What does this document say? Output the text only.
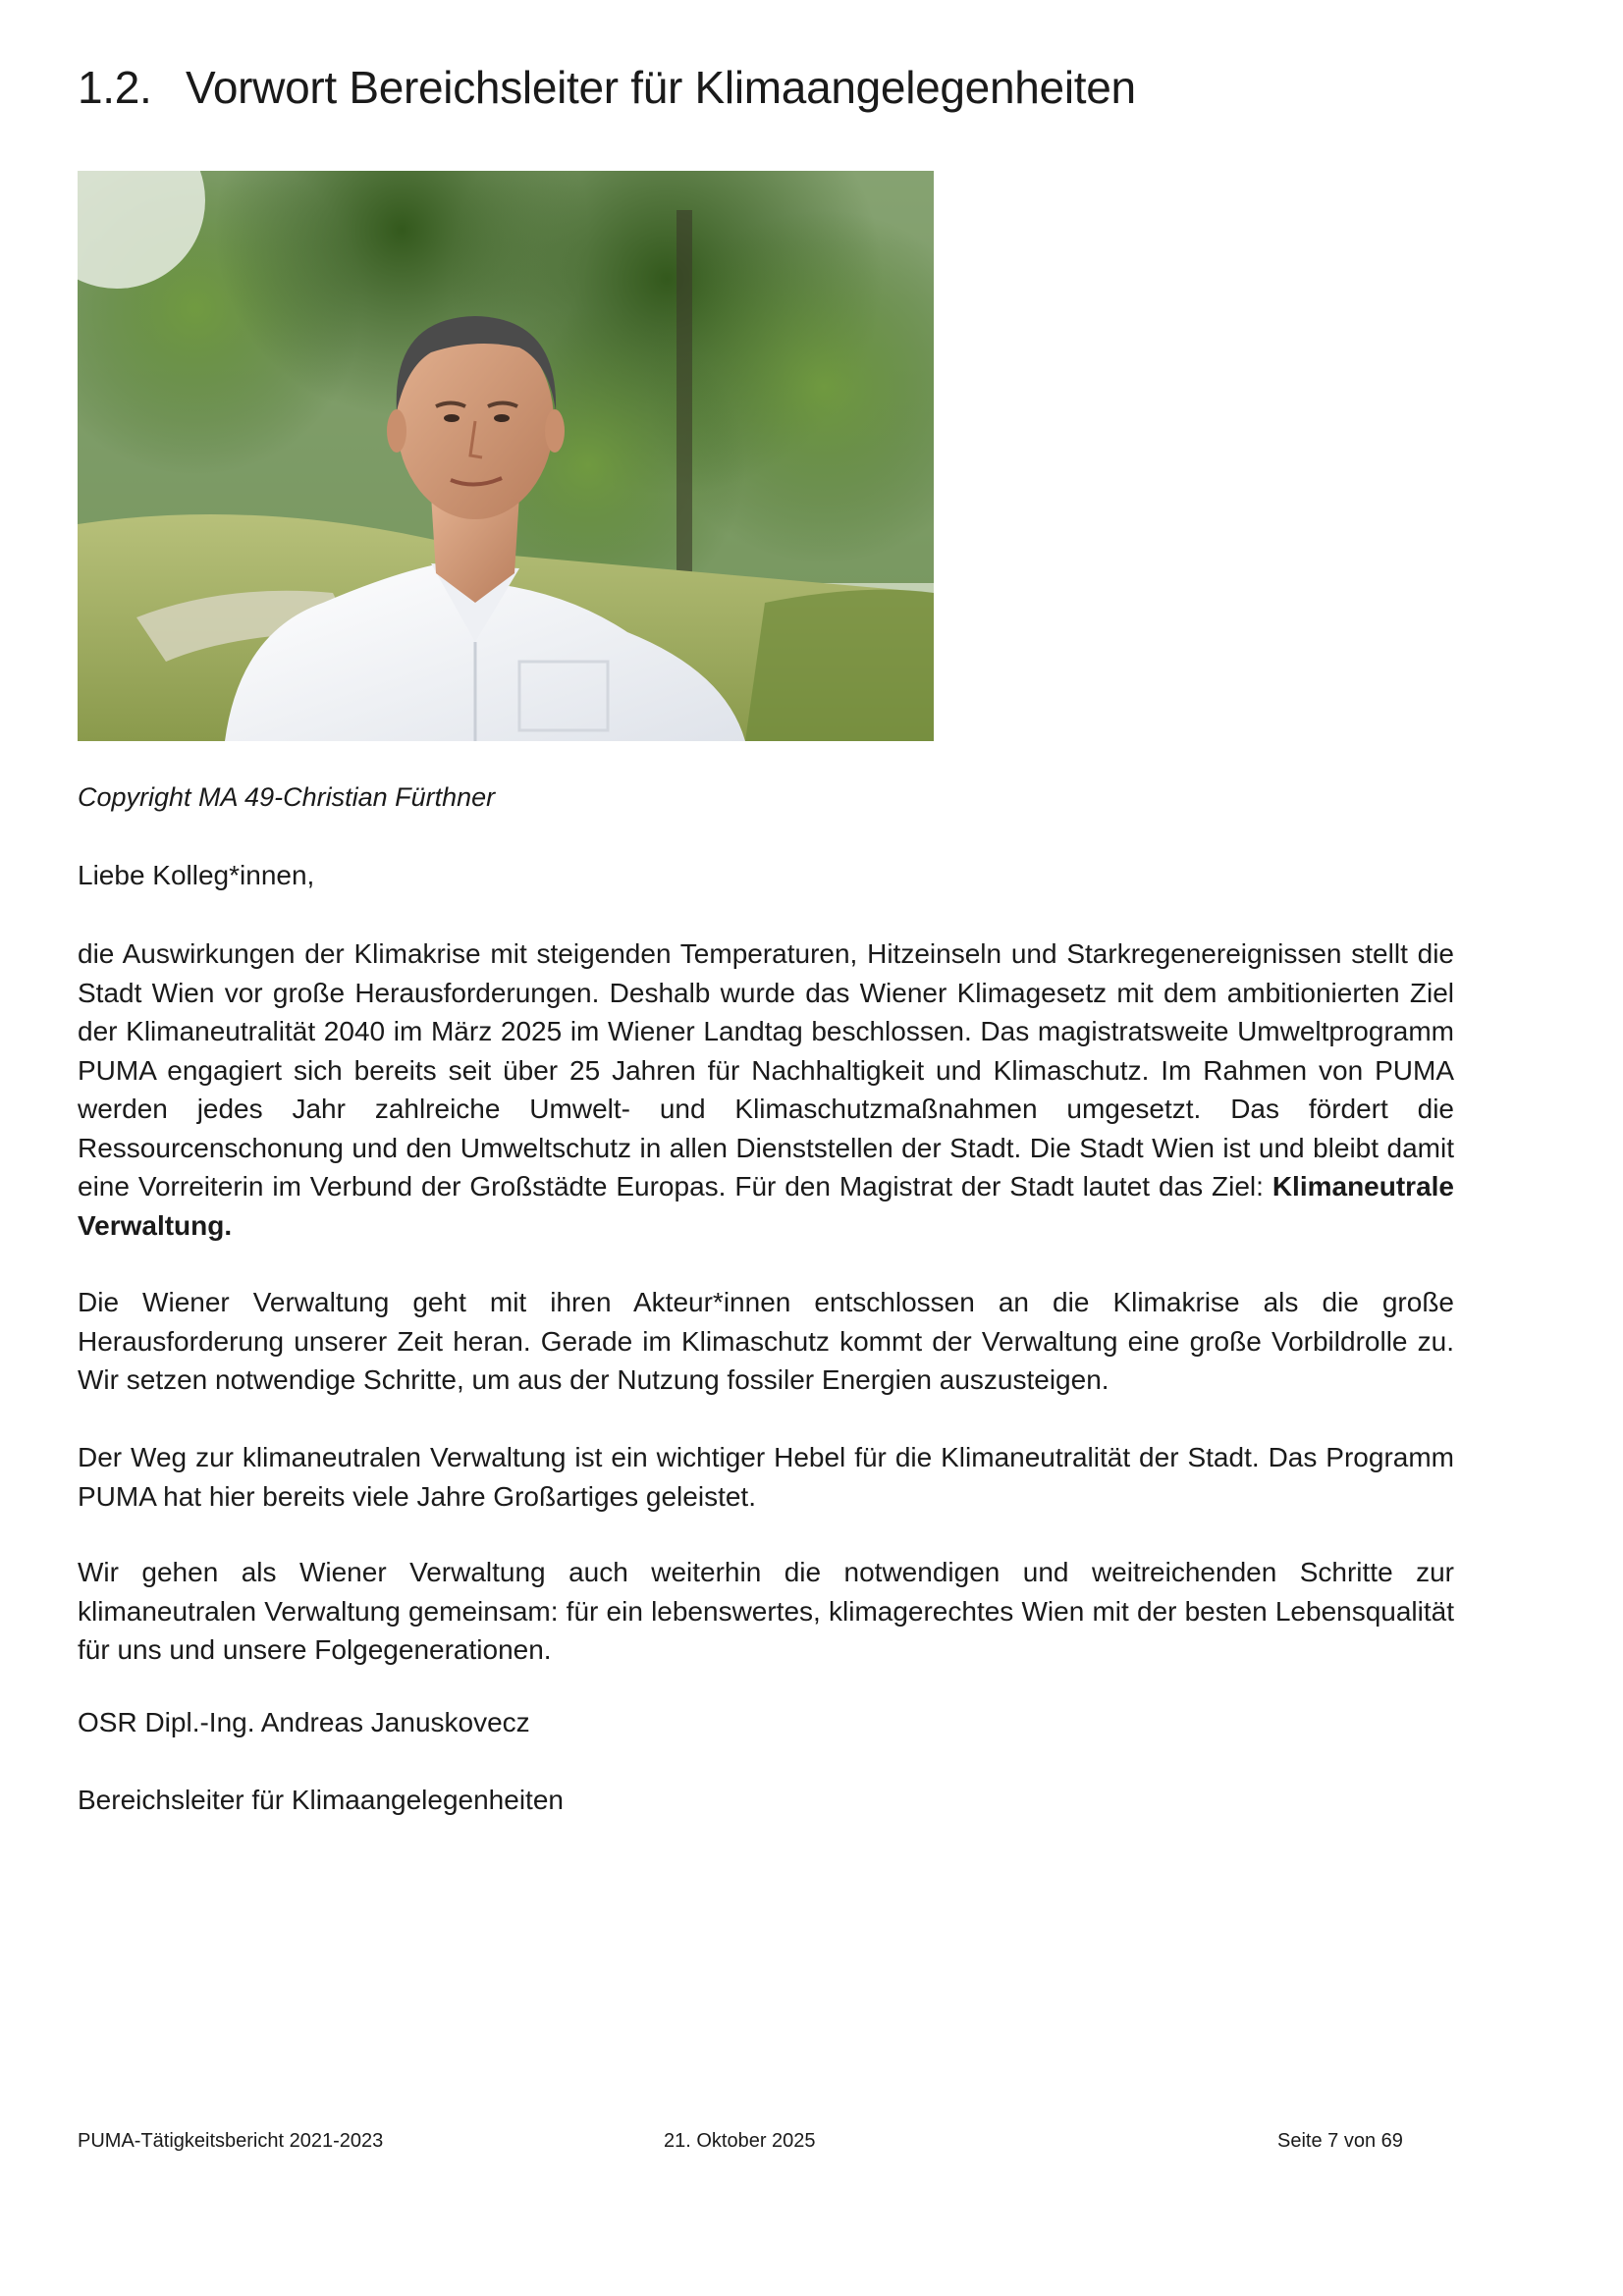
1.2. Vorwort Bereichsleiter für Klimaangelegenheiten

Copyright MA 49-Christian Fürthner

Liebe Kolleg*innen,

die Auswirkungen der Klimakrise mit steigenden Temperaturen, Hitzeinseln und Starkregenereignissen stellt die Stadt Wien vor große Herausforderungen. Deshalb wurde das Wiener Klimagesetz mit dem ambitionierten Ziel der Klimaneutralität 2040 im März 2025 im Wiener Landtag beschlossen. Das magistratsweite Umweltprogramm PUMA engagiert sich bereits seit über 25 Jahren für Nachhaltigkeit und Klimaschutz. Im Rahmen von PUMA werden jedes Jahr zahlreiche Umwelt- und Klimaschutzmaßnahmen umgesetzt. Das fördert die Ressourcenschonung und den Umweltschutz in allen Dienststellen der Stadt. Die Stadt Wien ist und bleibt damit eine Vorreiterin im Verbund der Großstädte Europas. Für den Magistrat der Stadt lautet das Ziel: Klimaneutrale Verwaltung.

Die Wiener Verwaltung geht mit ihren Akteur*innen entschlossen an die Klimakrise als die große Herausforderung unserer Zeit heran. Gerade im Klimaschutz kommt der Verwaltung eine große Vorbildrolle zu. Wir setzen notwendige Schritte, um aus der Nutzung fossiler Energien auszusteigen.

Der Weg zur klimaneutralen Verwaltung ist ein wichtiger Hebel für die Klimaneutralität der Stadt. Das Programm PUMA hat hier bereits viele Jahre Großartiges geleistet.

Wir gehen als Wiener Verwaltung auch weiterhin die notwendigen und weitreichenden Schritte zur klimaneutralen Verwaltung gemeinsam: für ein lebenswertes, klimagerechtes Wien mit der besten Lebensqualität für uns und unsere Folgegenerationen.

OSR Dipl.-Ing. Andreas Januskovecz

Bereichsleiter für Klimaangelegenheiten

PUMA-Tätigkeitsbericht 2021-2023	21. Oktober 2025	Seite 7 von 69
